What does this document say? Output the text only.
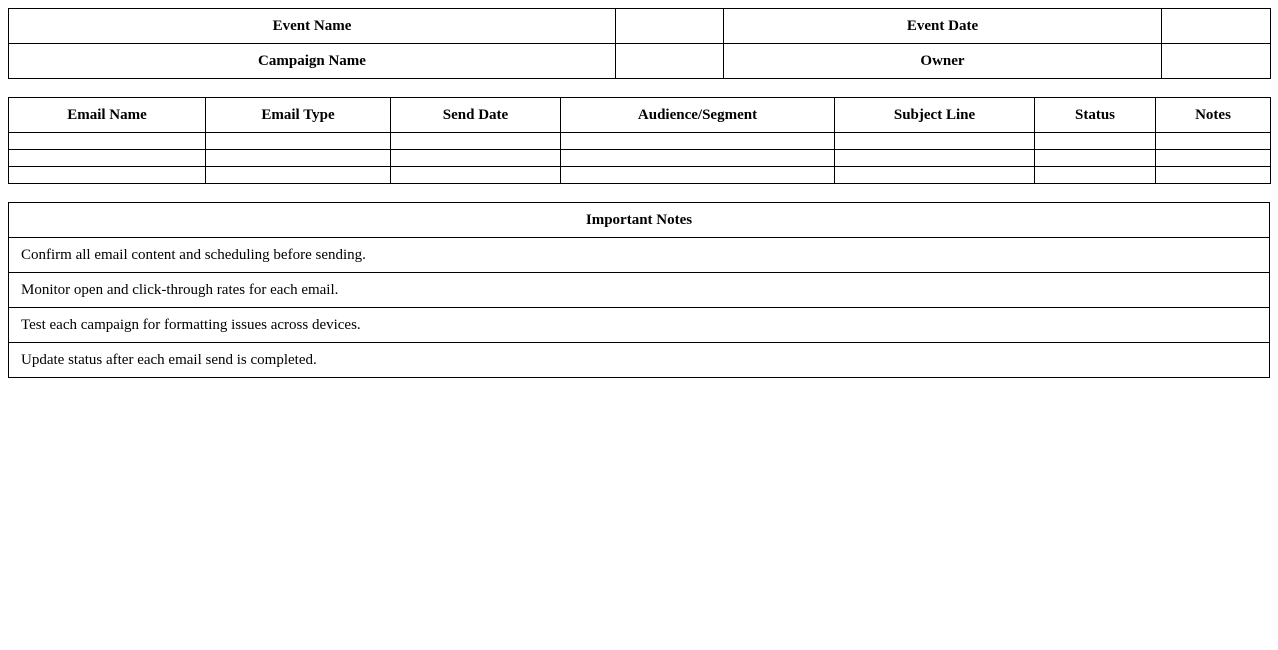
Event Name		Event Date	
Campaign Name		Owner	
Email Name	Email Type	Send Date	Audience/Segment	Subject Line	Status	Notes

Important Notes
Confirm all email content and scheduling before sending.
Monitor open and click-through rates for each email.
Test each campaign for formatting issues across devices.
Update status after each email send is completed.
